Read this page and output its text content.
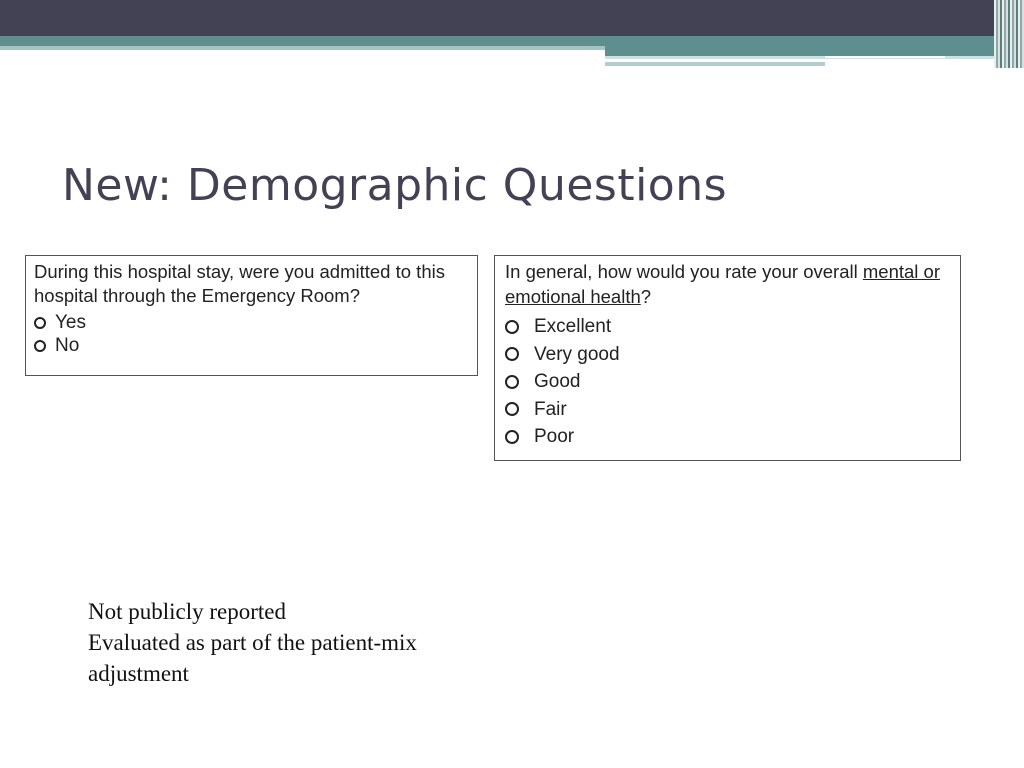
New: Demographic Questions

During this hospital stay, were you admitted to this hospital through the Emergency Room?

Yes
No

In general, how would you rate your overall mental or emotional health?

Excellent
Very good
Good
Fair
Poor

Not publicly reported
Evaluated as part of the patient-mix
adjustment
